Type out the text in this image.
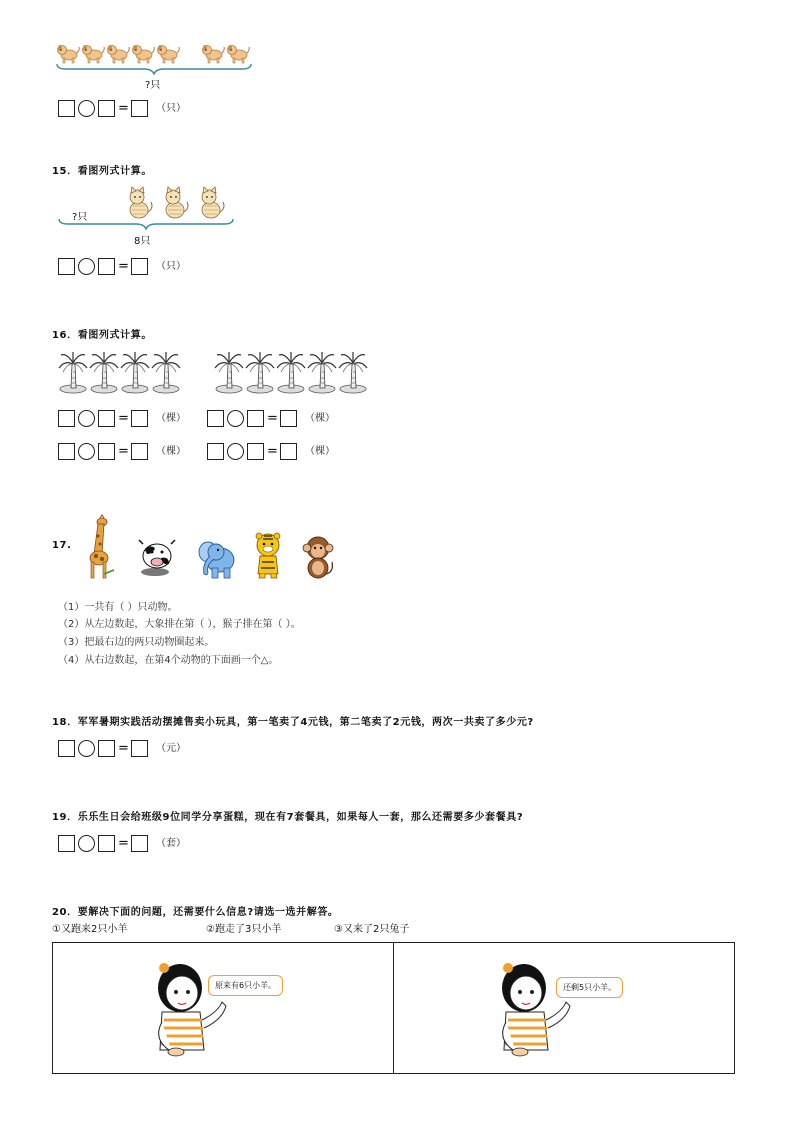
?只
=	（只）
15．看图列式计算。
?只
8只
=	（只）
16．看图列式计算。
=	（棵）	=	（棵）
=	（棵）	=	（棵）
17.
（1）一共有（ ）只动物。
（2）从左边数起，大象排在第（ ），猴子排在第（ ）。
（3）把最右边的两只动物圈起来。
（4）从右边数起，在第4个动物的下面画一个△。
18．军军暑期实践活动摆摊售卖小玩具，第一笔卖了4元钱，第二笔卖了2元钱，两次一共卖了多少元?
=	（元）
19．乐乐生日会给班级9位同学分享蛋糕，现在有7套餐具，如果每人一套，那么还需要多少套餐具?
=	（套）
20．要解决下面的问题，还需要什么信息?请选一选并解答。
①又跑来2只小羊	②跑走了3只小羊	③又来了2只兔子
原来有6只小羊。	还剩5只小羊。
